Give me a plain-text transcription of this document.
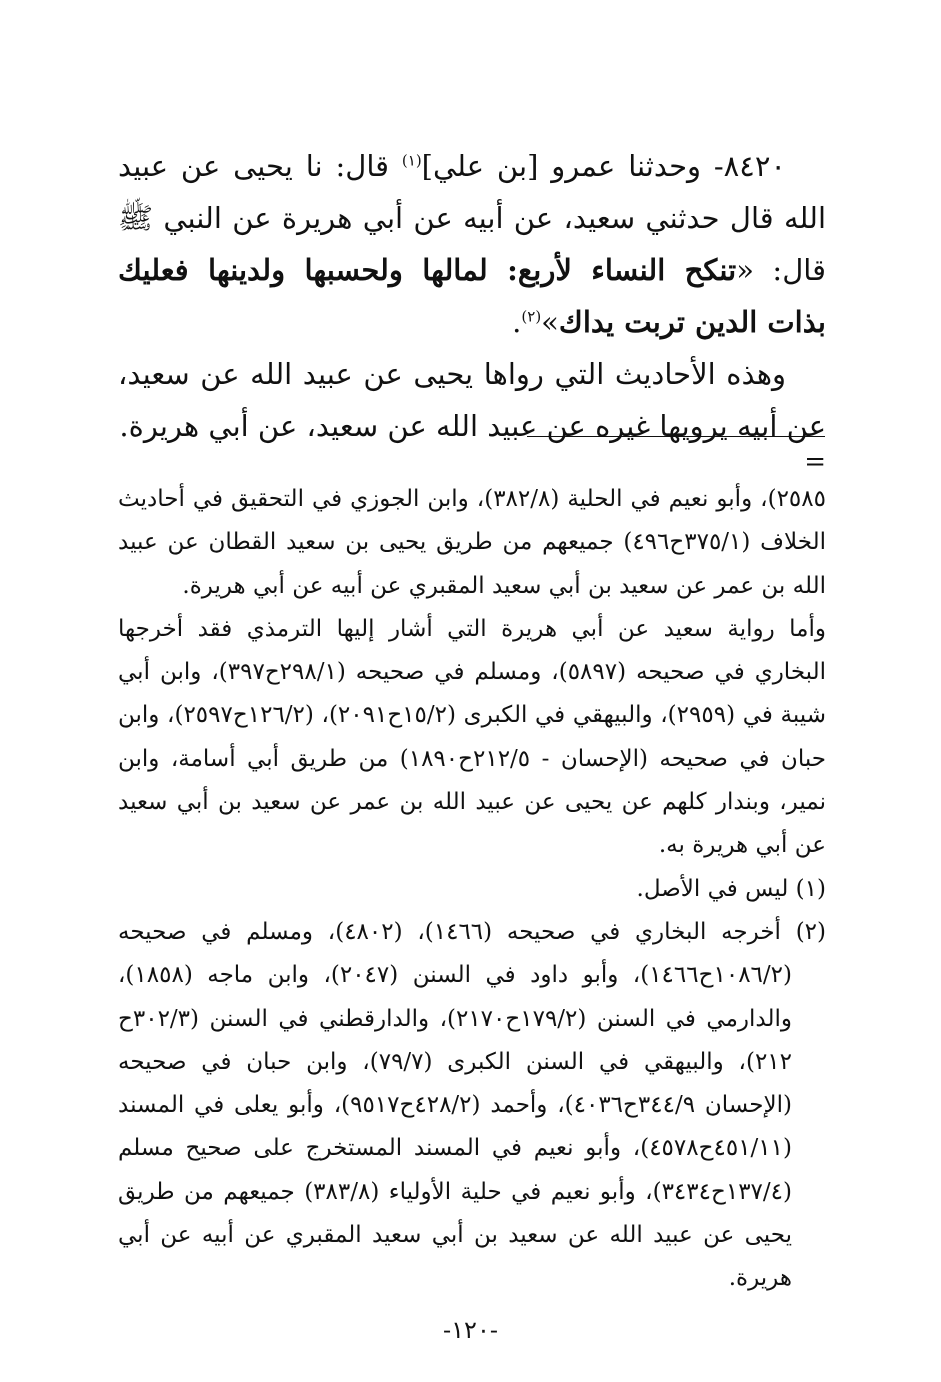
٨٤٢٠- وحدثنا عمرو [بن علي]$^{(١)}$ قال: نا يحيى عن عبيد الله قال حدثني سعيد، عن أبيه عن أبي هريرة عن النبي ﷺ قال: «تنكح النساء لأربع: لمالها ولحسبها ولدينها فعليك بذات الدين تربت يداك»$^{(٢)}$.

وهذه الأحاديث التي رواها يحيى عن عبيد الله عن سعيد، عن أبيه يرويها غيره عن عبيد الله عن سعيد، عن أبي هريرة.

=

٢٥٨٥)، وأبو نعيم في الحلية (٣٨٢/٨)، وابن الجوزي في التحقيق في أحاديث الخلاف (٣٧٥/١ح٤٩٦) جميعهم من طريق يحيى بن سعيد القطان عن عبيد الله بن عمر عن سعيد بن أبي سعيد المقبري عن أبيه عن أبي هريرة.

وأما رواية سعيد عن أبي هريرة التي أشار إليها الترمذي فقد أخرجها البخاري في صحيحه (٥٨٩٧)، ومسلم في صحيحه (٢٩٨/١ح٣٩٧)، وابن أبي شيبة في (٢٩٥٩)، والبيهقي في الكبرى (١٥/٢ح٢٠٩١)، (١٢٦/٢ح٢٥٩٧)، وابن حبان في صحيحه (الإحسان - ٢١٢/٥ح١٨٩٠) من طريق أبي أسامة، وابن نمير، وبندار كلهم عن يحيى عن عبيد الله بن عمر عن سعيد بن أبي سعيد عن أبي هريرة به.

(١) ليس في الأصل.

(٢) أخرجه البخاري في صحيحه (١٤٦٦)، (٤٨٠٢)، ومسلم في صحيحه (١٠٨٦/٢ح١٤٦٦)، وأبو داود في السنن (٢٠٤٧)، وابن ماجه (١٨٥٨)، والدارمي في السنن (١٧٩/٢ح٢١٧٠)، والدارقطني في السنن (٣٠٢/٣ح ٢١٢)، والبيهقي في السنن الكبرى (٧٩/٧)، وابن حبان في صحيحه (الإحسان ٣٤٤/٩ح٤٠٣٦)، وأحمد (٤٢٨/٢ح٩٥١٧)، وأبو يعلى في المسند (٤٥١/١١ح٤٥٧٨)، وأبو نعيم في المسند المستخرج على صحيح مسلم (١٣٧/٤ح٣٤٣٤)، وأبو نعيم في حلية الأولياء (٣٨٣/٨) جميعهم من طريق يحيى عن عبيد الله عن سعيد بن أبي سعيد المقبري عن أبيه عن أبي هريرة.

-١٢٠-
